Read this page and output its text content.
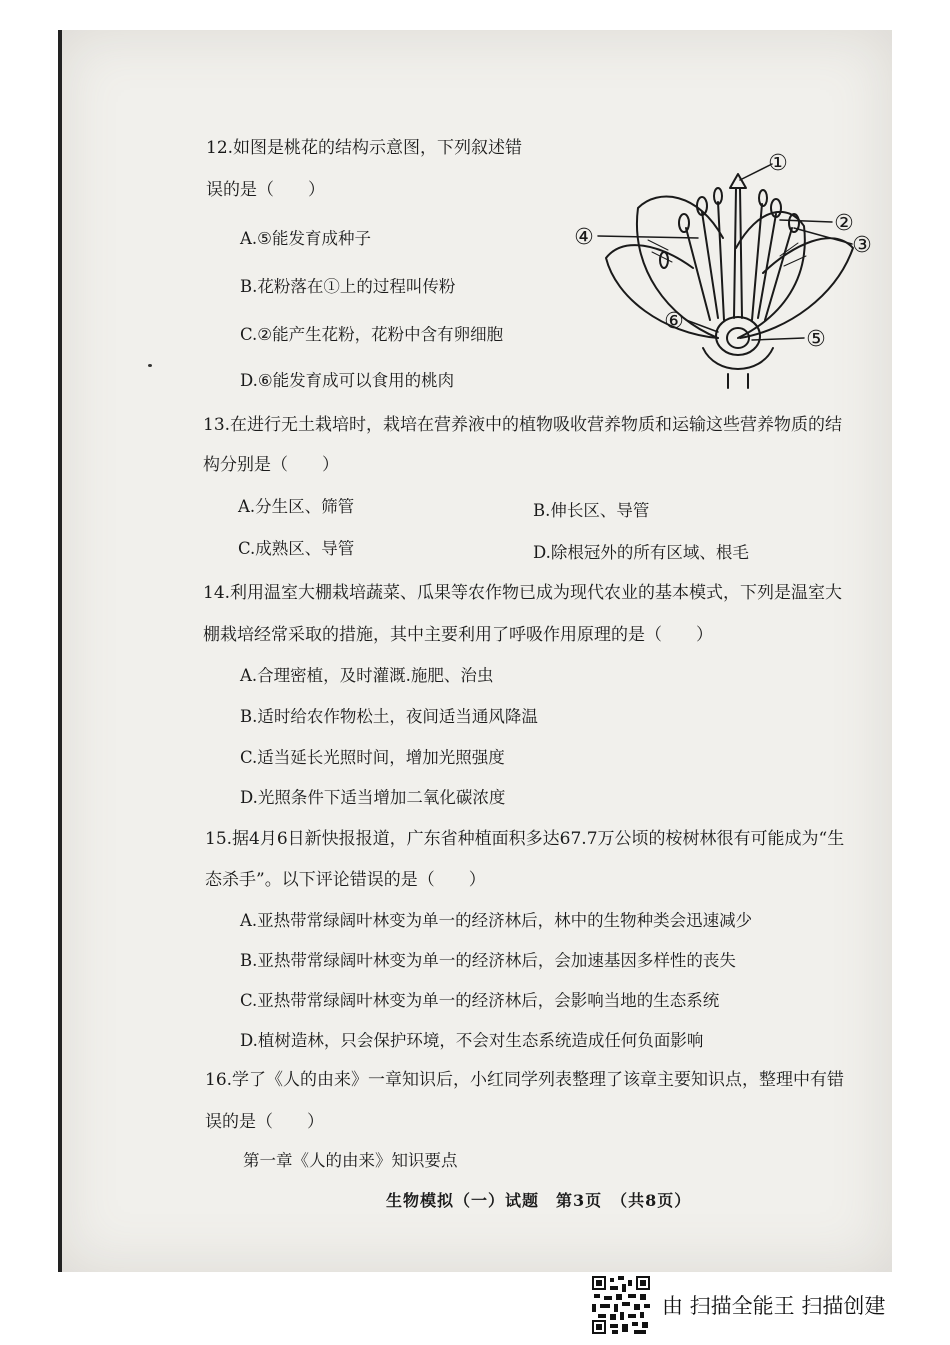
12.如图是桃花的结构示意图，下列叙述错
误的是（　　）
A.⑤能发育成种子
B.花粉落在①上的过程叫传粉
C.②能产生花粉，花粉中含有卵细胞
D.⑥能发育成可以食用的桃肉
①
②
③
④
⑤
⑥
13.在进行无土栽培时，栽培在营养液中的植物吸收营养物质和运输这些营养物质的结
构分别是（　　）
A.分生区、筛管	B.伸长区、导管
C.成熟区、导管	D.除根冠外的所有区域、根毛
14.利用温室大棚栽培蔬菜、瓜果等农作物已成为现代农业的基本模式，下列是温室大
棚栽培经常采取的措施，其中主要利用了呼吸作用原理的是（　　）
A.合理密植，及时灌溉.施肥、治虫
B.适时给农作物松土，夜间适当通风降温
C.适当延长光照时间，增加光照强度
D.光照条件下适当增加二氧化碳浓度
15.据4月6日新快报报道，广东省种植面积多达67.7万公顷的桉树林很有可能成为“生
态杀手”。以下评论错误的是（　　）
A.亚热带常绿阔叶林变为单一的经济林后，林中的生物种类会迅速减少
B.亚热带常绿阔叶林变为单一的经济林后，会加速基因多样性的丧失
C.亚热带常绿阔叶林变为单一的经济林后，会影响当地的生态系统
D.植树造林，只会保护环境，不会对生态系统造成任何负面影响
16.学了《人的由来》一章知识后，小红同学列表整理了该章主要知识点，整理中有错
误的是（　　）
第一章《人的由来》知识要点
生物模拟（一）试题　第3页　（共8页）
由 扫描全能王 扫描创建
